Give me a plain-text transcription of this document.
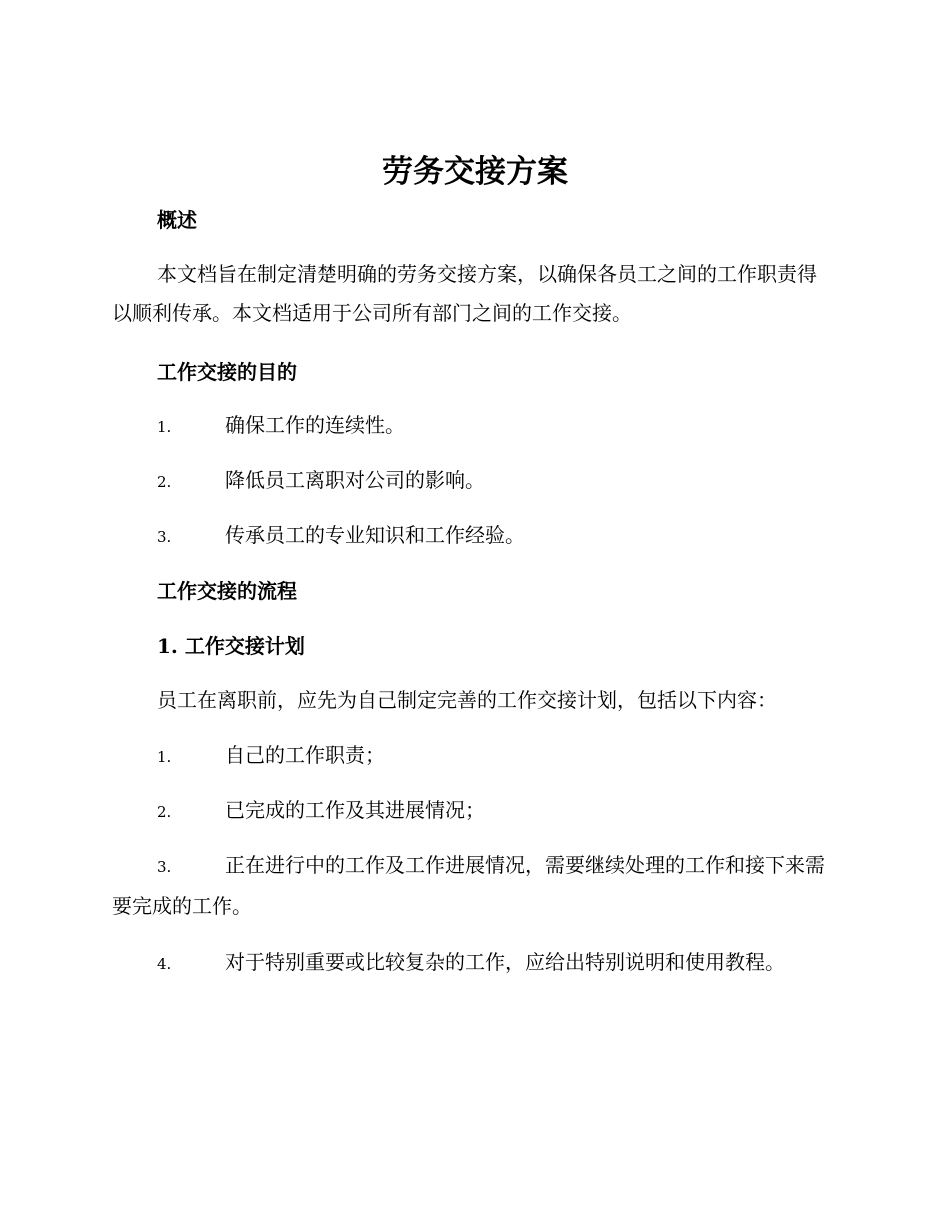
劳务交接方案
概述
本文档旨在制定清楚明确的劳务交接方案，以确保各员工之间的工作职责得以顺利传承。本文档适用于公司所有部门之间的工作交接。
工作交接的目的
1.	确保工作的连续性。
2.	降低员工离职对公司的影响。
3.	传承员工的专业知识和工作经验。
工作交接的流程
1. 工作交接计划
员工在离职前，应先为自己制定完善的工作交接计划，包括以下内容：
1.	自己的工作职责；
2.	已完成的工作及其进展情况；
3.	正在进行中的工作及工作进展情况，需要继续处理的工作和接下来需要完成的工作。
4.	对于特别重要或比较复杂的工作，应给出特别说明和使用教程。
